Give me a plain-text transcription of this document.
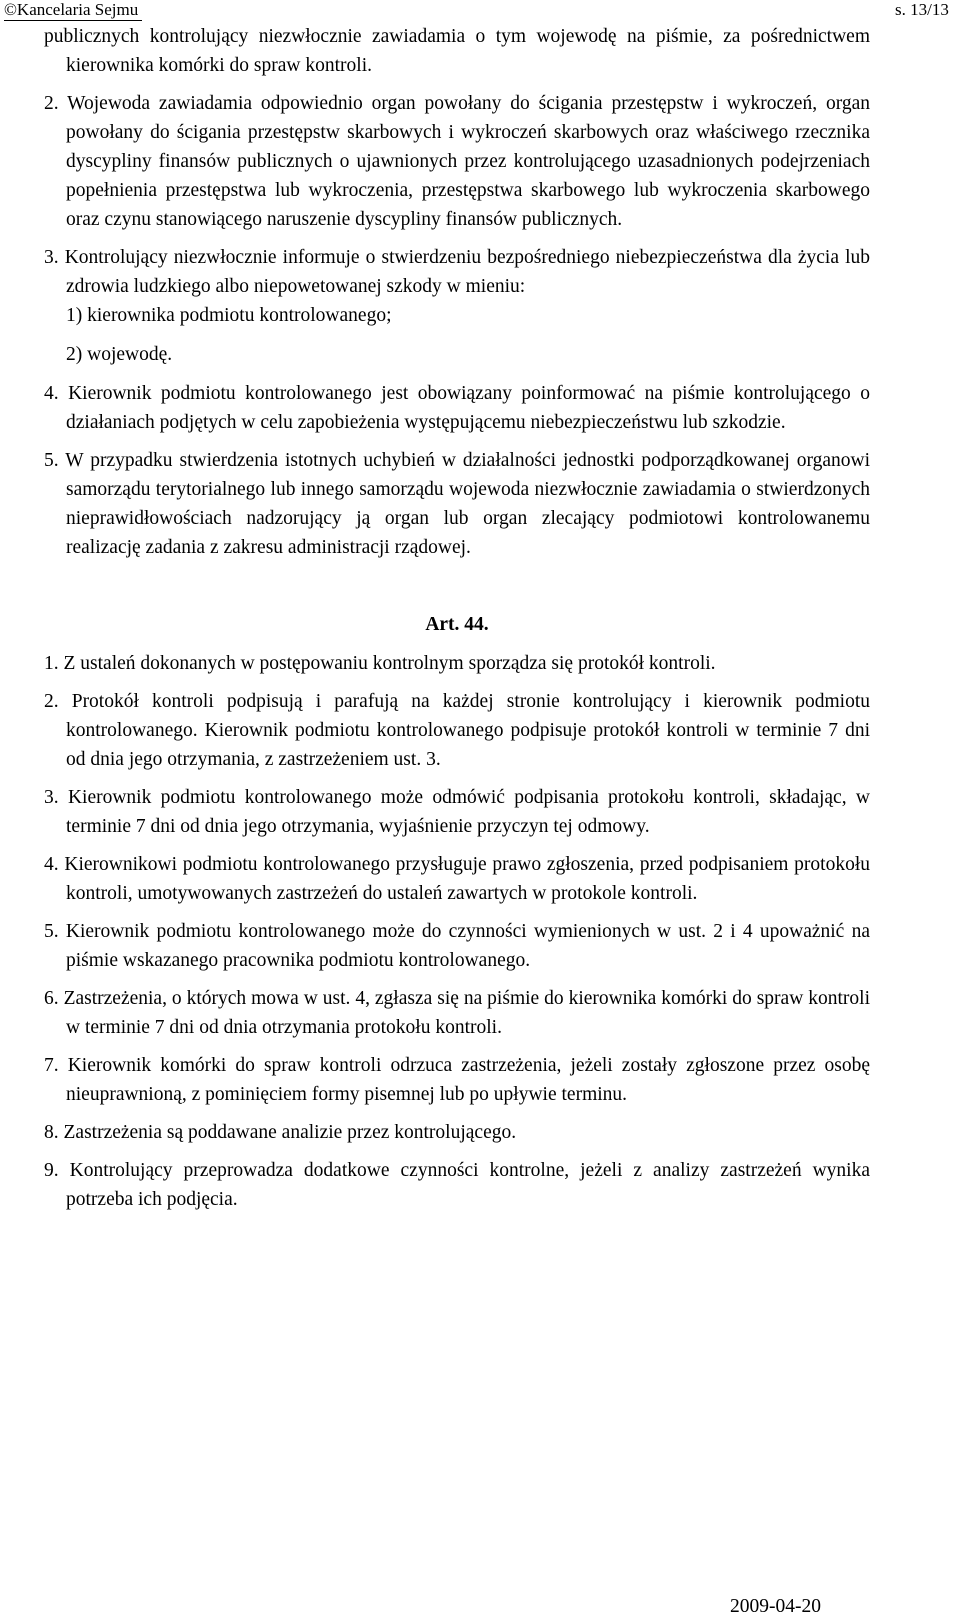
©Kancelaria Sejmu	s. 13/13

publicznych kontrolujący niezwłocznie zawiadamia o tym wojewodę na piśmie, za pośrednictwem kierownika komórki do spraw kontroli.

2. Wojewoda zawiadamia odpowiednio organ powołany do ścigania przestępstw i wykroczeń, organ powołany do ścigania przestępstw skarbowych i wykroczeń skarbowych oraz właściwego rzecznika dyscypliny finansów publicznych o ujawnionych przez kontrolującego uzasadnionych podejrzeniach popełnienia przestępstwa lub wykroczenia, przestępstwa skarbowego lub wykroczenia skarbowego oraz czynu stanowiącego naruszenie dyscypliny finansów publicznych.

3. Kontrolujący niezwłocznie informuje o stwierdzeniu bezpośredniego niebezpieczeństwa dla życia lub zdrowia ludzkiego albo niepowetowanej szkody w mieniu:

1) kierownika podmiotu kontrolowanego;
2) wojewodę.

4. Kierownik podmiotu kontrolowanego jest obowiązany poinformować na piśmie kontrolującego o działaniach podjętych w celu zapobieżenia występującemu niebezpieczeństwu lub szkodzie.

5. W przypadku stwierdzenia istotnych uchybień w działalności jednostki podporządkowanej organowi samorządu terytorialnego lub innego samorządu wojewoda niezwłocznie zawiadamia o stwierdzonych nieprawidłowościach nadzorujący ją organ lub organ zlecający podmiotowi kontrolowanemu realizację zadania z zakresu administracji rządowej.

Art. 44.

1. Z ustaleń dokonanych w postępowaniu kontrolnym sporządza się protokół kontroli.

2. Protokół kontroli podpisują i parafują na każdej stronie kontrolujący i kierownik podmiotu kontrolowanego. Kierownik podmiotu kontrolowanego podpisuje protokół kontroli w terminie 7 dni od dnia jego otrzymania, z zastrzeżeniem ust. 3.

3. Kierownik podmiotu kontrolowanego może odmówić podpisania protokołu kontroli, składając, w terminie 7 dni od dnia jego otrzymania, wyjaśnienie przyczyn tej odmowy.

4. Kierownikowi podmiotu kontrolowanego przysługuje prawo zgłoszenia, przed podpisaniem protokołu kontroli, umotywowanych zastrzeżeń do ustaleń zawartych w protokole kontroli.

5. Kierownik podmiotu kontrolowanego może do czynności wymienionych w ust. 2 i 4 upoważnić na piśmie wskazanego pracownika podmiotu kontrolowanego.

6. Zastrzeżenia, o których mowa w ust. 4, zgłasza się na piśmie do kierownika komórki do spraw kontroli w terminie 7 dni od dnia otrzymania protokołu kontroli.

7. Kierownik komórki do spraw kontroli odrzuca zastrzeżenia, jeżeli zostały zgłoszone przez osobę nieuprawnioną, z pominięciem formy pisemnej lub po upływie terminu.

8. Zastrzeżenia są poddawane analizie przez kontrolującego.

9. Kontrolujący przeprowadza dodatkowe czynności kontrolne, jeżeli z analizy zastrzeżeń wynika potrzeba ich podjęcia.

2009-04-20
